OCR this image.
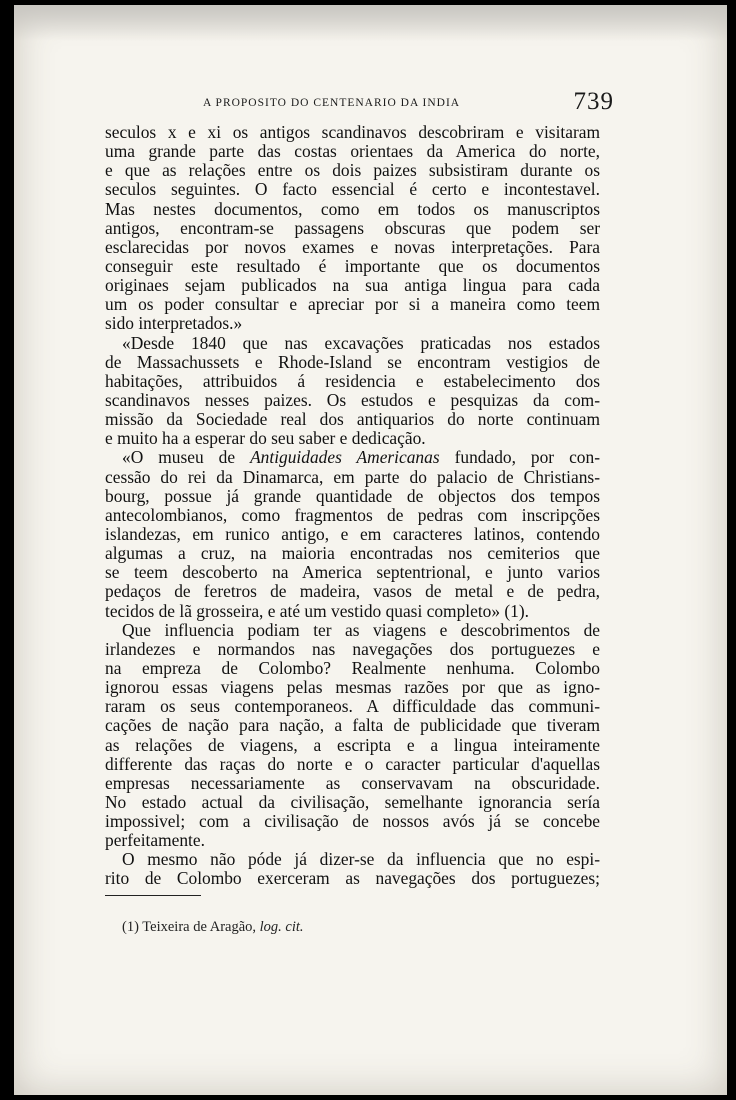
A PROPOSITO DO CENTENARIO DA INDIA	739
seculos x e xi os antigos scandinavos descobriram e visitaram
uma grande parte das costas orientaes da America do norte,
e que as relações entre os dois paizes subsistiram durante os
seculos seguintes. O facto essencial é certo e incontestavel.
Mas nestes documentos, como em todos os manuscriptos
antigos, encontram-se passagens obscuras que podem ser
esclarecidas por novos exames e novas interpretações. Para
conseguir este resultado é importante que os documentos
originaes sejam publicados na sua antiga lingua para cada
um os poder consultar e apreciar por si a maneira como teem
sido interpretados.»
«Desde 1840 que nas excavações praticadas nos estados
de Massachussets e Rhode-Island se encontram vestigios de
habitações, attribuidos á residencia e estabelecimento dos
scandinavos nesses paizes. Os estudos e pesquizas da com-
missão da Sociedade real dos antiquarios do norte continuam
e muito ha a esperar do seu saber e dedicação.
«O museu de Antiguidades Americanas fundado, por con-
cessão do rei da Dinamarca, em parte do palacio de Christians-
bourg, possue já grande quantidade de objectos dos tempos
antecolombianos, como fragmentos de pedras com inscripções
islandezas, em runico antigo, e em caracteres latinos, contendo
algumas a cruz, na maioria encontradas nos cemiterios que
se teem descoberto na America septentrional, e junto varios
pedaços de feretros de madeira, vasos de metal e de pedra,
tecidos de lã grosseira, e até um vestido quasi completo» (1).
Que influencia podiam ter as viagens e descobrimentos de
irlandezes e normandos nas navegações dos portuguezes e
na empreza de Colombo? Realmente nenhuma. Colombo
ignorou essas viagens pelas mesmas razões por que as igno-
raram os seus contemporaneos. A difficuldade das communi-
cações de nação para nação, a falta de publicidade que tiveram
as relações de viagens, a escripta e a lingua inteiramente
differente das raças do norte e o caracter particular d'aquellas
empresas necessariamente as conservavam na obscuridade.
No estado actual da civilisação, semelhante ignorancia sería
impossivel; com a civilisação de nossos avós já se concebe
perfeitamente.
O mesmo não póde já dizer-se da influencia que no espi-
rito de Colombo exerceram as navegações dos portuguezes;
(1) Teixeira de Aragão, log. cit.
